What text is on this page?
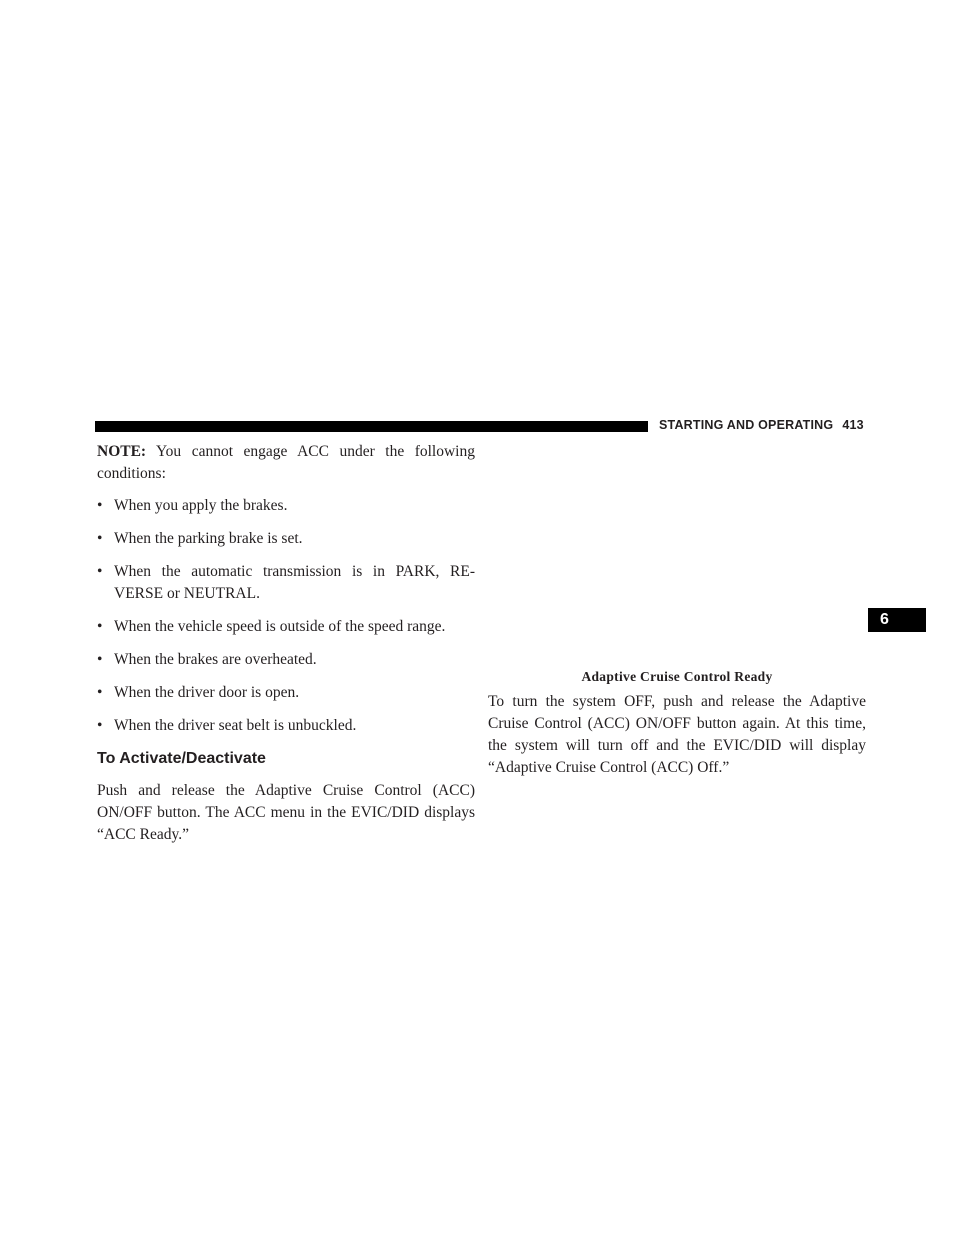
STARTING AND OPERATING 413
6

NOTE: You cannot engage ACC under the following conditions:

• When you apply the brakes.
• When the parking brake is set.
• When the automatic transmission is in PARK, RE- VERSE or NEUTRAL.
• When the vehicle speed is outside of the speed range.
• When the brakes are overheated.
• When the driver door is open.
• When the driver seat belt is unbuckled.
To Activate/Deactivate

Push and release the Adaptive Cruise Control (ACC) ON/OFF button. The ACC menu in the EVIC/DID displays “ACC Ready.”

Adaptive Cruise Control Ready

To turn the system OFF, push and release the Adaptive Cruise Control (ACC) ON/OFF button again. At this time, the system will turn off and the EVIC/DID will display “Adaptive Cruise Control (ACC) Off.”
